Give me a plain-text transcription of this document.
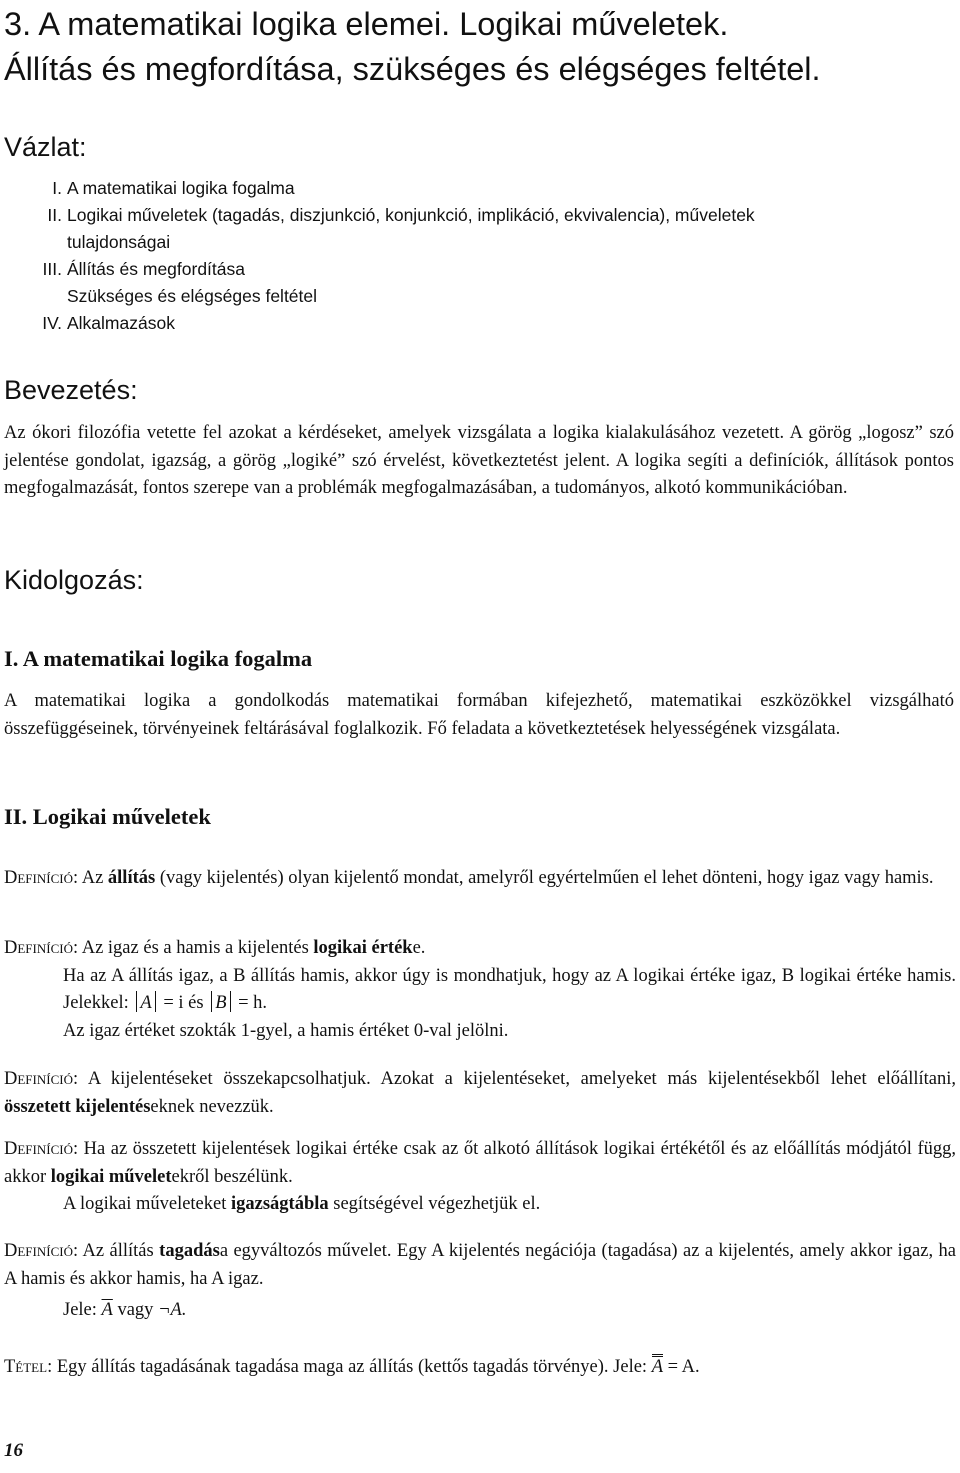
3. A matematikai logika elemei. Logikai műveletek.
Állítás és megfordítása, szükséges és elégséges feltétel.
Vázlat:
I. A matematikai logika fogalma
II. Logikai műveletek (tagadás, diszjunkció, konjunkció, implikáció, ekvivalencia), műveletek
tulajdonságai
III. Állítás és megfordítása
Szükséges és elégséges feltétel
IV. Alkalmazások
Bevezetés:

Az ókori filozófia vetette fel azokat a kérdéseket, amelyek vizsgálata a logika kialakulásához vezetett. A görög „logosz” szó jelentése gondolat, igazság, a görög „logiké” szó érvelést, következtetést jelent. A logika segíti a definíciók, állítások pontos megfogalmazását, fontos szerepe van a problémák megfogalmazásában, a tudományos, alkotó kommunikációban.

Kidolgozás:
I. A matematikai logika fogalma

A matematikai logika a gondolkodás matematikai formában kifejezhető, matematikai eszközökkel vizsgálható összefüggéseinek, törvényeinek feltárásával foglalkozik. Fő feladata a következtetések helyességének vizsgálata.

II. Logikai műveletek

Definíció: Az állítás (vagy kijelentés) olyan kijelentő mondat, amelyről egyértelműen el lehet dönteni, hogy igaz vagy hamis.

Definíció: Az igaz és a hamis a kijelentés logikai értéke.

Ha az A állítás igaz, a B állítás hamis, akkor úgy is mondhatjuk, hogy az A logikai értéke igaz, B logikai értéke hamis. Jelekkel: A = i és B = h.

Az igaz értéket szokták 1-gyel, a hamis értéket 0-val jelölni.

Definíció: A kijelentéseket összekapcsolhatjuk. Azokat a kijelentéseket, amelyeket más kijelentésekből lehet előállítani, összetett kijelentéseknek nevezzük.

Definíció: Ha az összetett kijelentések logikai értéke csak az őt alkotó állítások logikai értékétől és az előállítás módjától függ, akkor logikai műveletekről beszélünk.

A logikai műveleteket igazságtábla segítségével végezhetjük el.

Definíció: Az állítás tagadása egyváltozós művelet. Egy A kijelentés negációja (tagadása) az a kijelentés, amely akkor igaz, ha A hamis és akkor hamis, ha A igaz.

Jele: $\overline{A}$ vagy ¬A.

Tétel: Egy állítás tagadásának tagadása maga az állítás (kettős tagadás törvénye). Jele: A = A.

16
